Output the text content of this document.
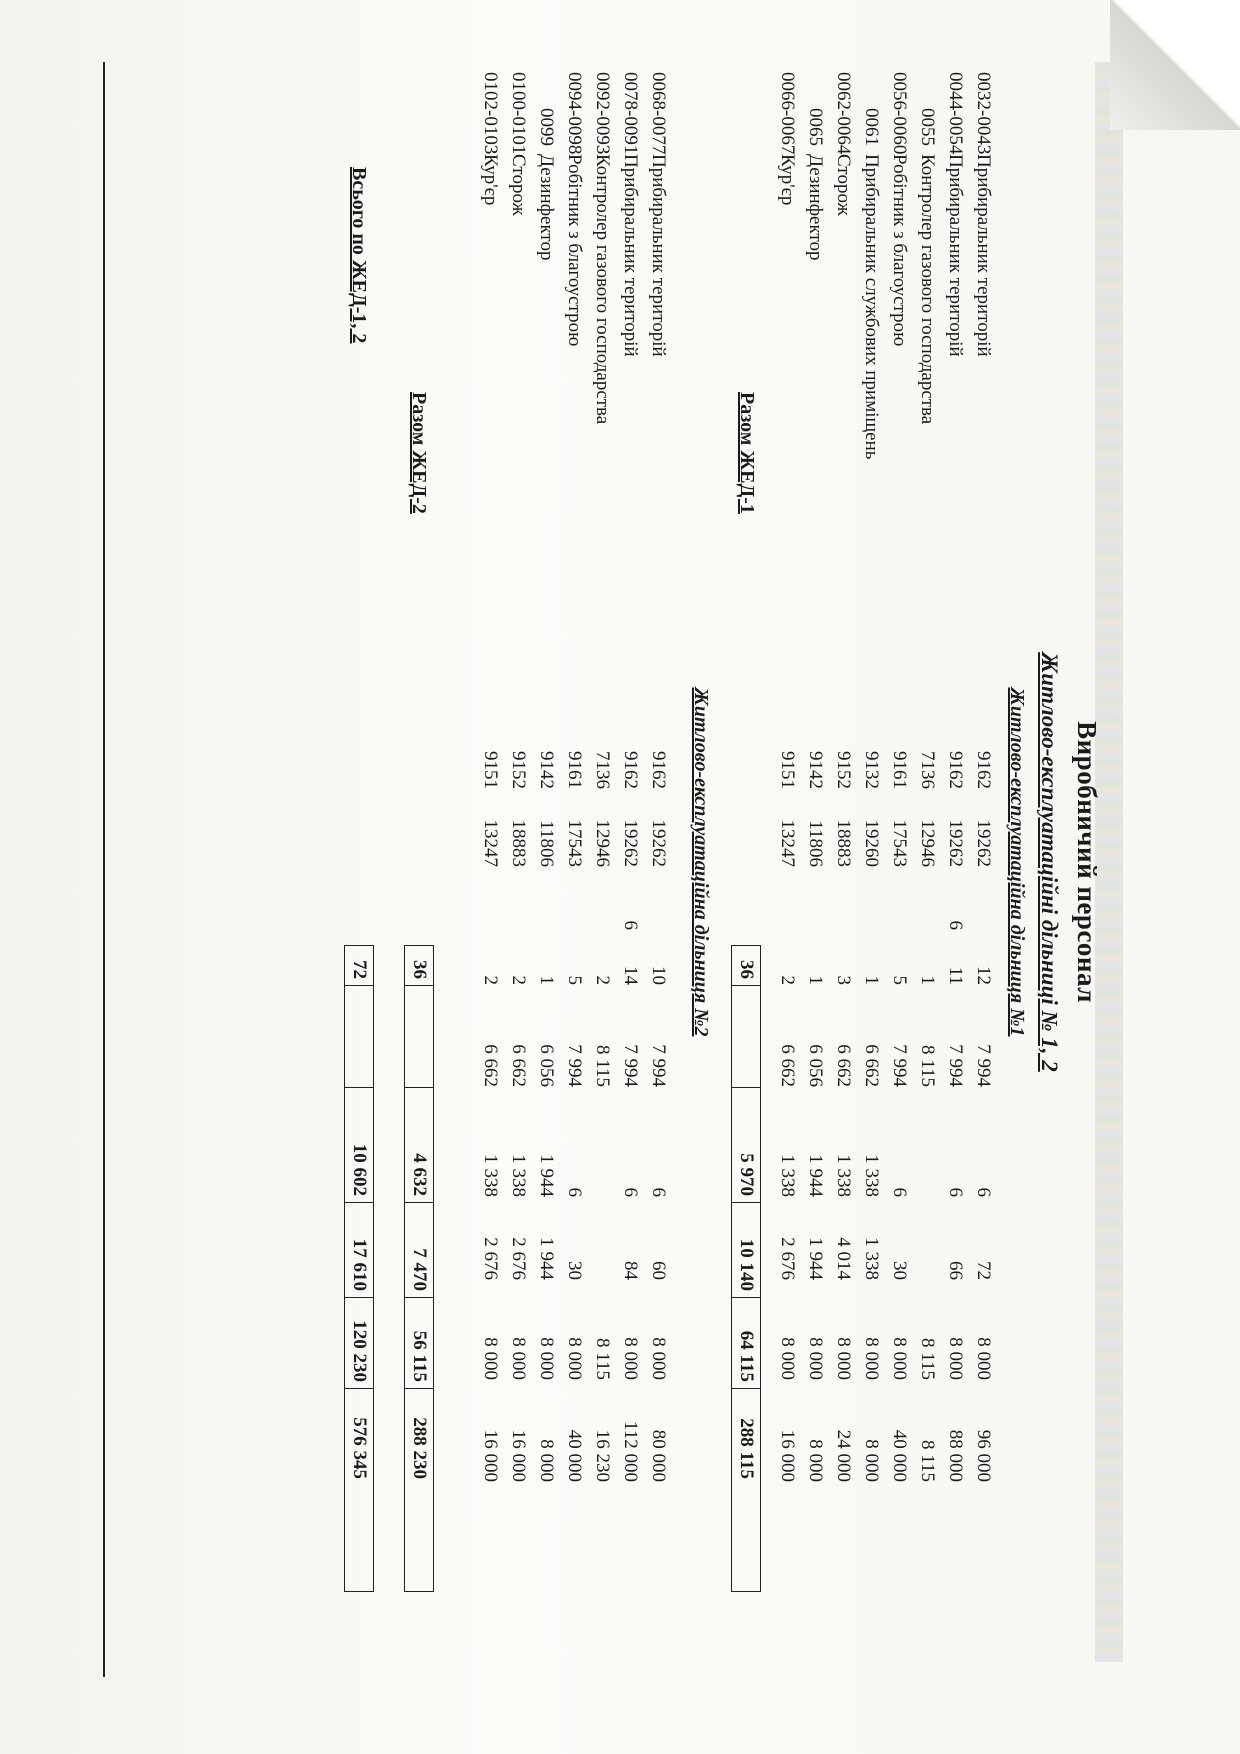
Виробничий персонал
Житлово-експлуатаційні дільниці № 1, 2
Житлово-експлуатаційна дільниця №1
0032-0043
Прибиральник територій
9162
19262
12
7 994
6
72
8 000
96 000
0044-0054
Прибиральник територій
9162
19262
6
11
7 994
6
66
8 000
88 000
0055
Контролер газового господарства
7136
12946
1
8 115
8 115
8 115
0056-0060
Робітник з благоустрою
9161
17543
5
7 994
6
30
8 000
40 000
0061
Прибиральник службових приміщень
9132
19260
1
6 662
1 338
1 338
8 000
8 000
0062-0064
Сторож
9152
18883
3
6 662
1 338
4 014
8 000
24 000
0065
Дезинфектор
9142
11806
1
6 056
1 944
1 944
8 000
8 000
0066-0067
Кур'єр
9151
13247
2
6 662
1 338
2 676
8 000
16 000
Разом ЖЕД-1
36
5 970
10 140
64 115
288 115
Житлово-експлуатаційна дільниця №2
0068-0077
Прибиральник територій
9162
19262
10
7 994
6
60
8 000
80 000
0078-0091
Прибиральник територій
9162
19262
6
14
7 994
6
84
8 000
112 000
0092-0093
Контролер газового господарства
7136
12946
2
8 115
8 115
16 230
0094-0098
Робітник з благоустрою
9161
17543
5
7 994
6
30
8 000
40 000
0099
Дезинфектор
9142
11806
1
6 056
1 944
1 944
8 000
8 000
0100-0101
Сторож
9152
18883
2
6 662
1 338
2 676
8 000
16 000
0102-0103
Кур'єр
9151
13247
2
6 662
1 338
2 676
8 000
16 000
Разом ЖЕД-2
36
4 632
7 470
56 115
288 230
Всього по ЖЕД-1, 2
72
10 602
17 610
120 230
576 345
